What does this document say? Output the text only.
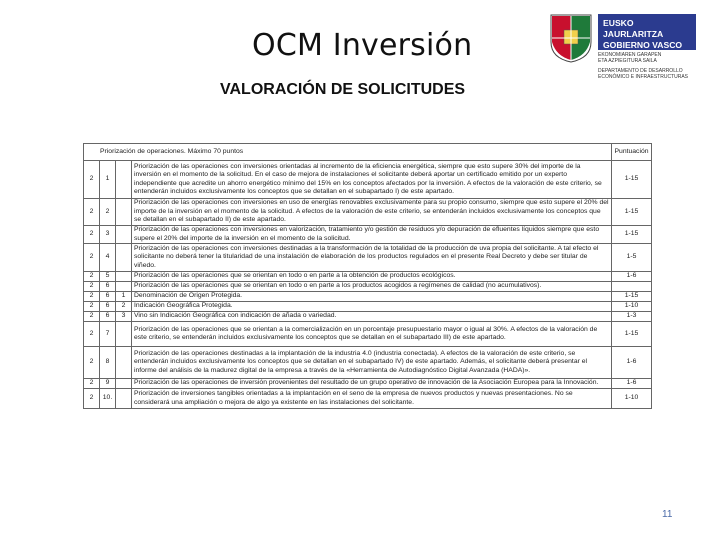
OCM Inversión
VALORACIÓN DE SOLICITUDES
EUSKO JAURLARITZA
GOBIERNO VASCO
EKONOMIAREN GARAPEN
ETA AZPIEGITURA SAILA
DEPARTAMENTO DE DESARROLLO
ECONÓMICO E INFRAESTRUCTURAS
Priorización de operaciones. Máximo 70 puntos				Puntuación
2	1		Priorización de las operaciones con inversiones orientadas al incremento de la eficiencia energética, siempre que esto supere 30% del importe de la inversión en el momento de la solicitud. En el caso de mejora de instalaciones el solicitante deberá aportar un certificado emitido por un experto independiente que acredite un ahorro energético mínimo del 15% en los conceptos afectados por la inversión. A efectos de la valoración de este criterio, se entenderán incluidos exclusivamente los conceptos que se detallan en el subapartado I) de este apartado.	1-15
2	2		Priorización de las operaciones con inversiones en uso de energías renovables exclusivamente para su propio consumo, siempre que esto supere el 20% del importe de la inversión en el momento de la solicitud. A efectos de la valoración de este criterio, se entenderán incluidos exclusivamente los conceptos que se detallan en el subapartado II) de este apartado.	1-15
2	3		Priorización de las operaciones con inversiones en valorización, tratamiento y/o gestión de residuos y/o depuración de efluentes líquidos siempre que esto supere el 20% del importe de la inversión en el momento de la solicitud.	1-15
2	4		Priorización de las operaciones con inversiones destinadas a la transformación de la totalidad de la producción de uva propia del solicitante. A tal efecto el solicitante no deberá tener la titularidad de una instalación de elaboración de los productos regulados en el presente Real Decreto y debe ser titular de viñedo.	1-5
2	5		Priorización de las operaciones que se orientan en todo o en parte a la obtención de productos ecológicos.	1-6
2	6		Priorización de las operaciones que se orientan en todo o en parte a los productos acogidos a regímenes de calidad (no acumulativos).	
2	6	1	Denominación de Origen Protegida.	1-15
2	6	2	Indicación Geográfica Protegida.	1-10
2	6	3	Vino sin Indicación Geográfica con indicación de añada o variedad.	1-3
2	7		Priorización de las operaciones que se orientan a la comercialización en un porcentaje presupuestario mayor o igual al 30%. A efectos de la valoración de este criterio, se entenderán incluidos exclusivamente los conceptos que se detallan en el subapartado III) de este apartado.	1-15
2	8		Priorización de las operaciones destinadas a la implantación de la industria 4.0 (industria conectada). A efectos de la valoración de este criterio, se entenderán incluidos exclusivamente los conceptos que se detallan en el subapartado IV) de este apartado. Además, el solicitante deberá presentar el informe del análisis de la madurez digital de la empresa a través de la «Herramienta de Autodiagnóstico Digital Avanzada (HADA)».	1-6
2	9		Priorización de las operaciones de inversión provenientes del resultado de un grupo operativo de innovación de la Asociación Europea para la Innovación.	1-6
2	10.		Priorización de inversiones tangibles orientadas a la implantación en el seno de la empresa de nuevos productos y nuevas presentaciones. No se considerará una ampliación o mejora de algo ya existente en las instalaciones del solicitante.	1-10
11
